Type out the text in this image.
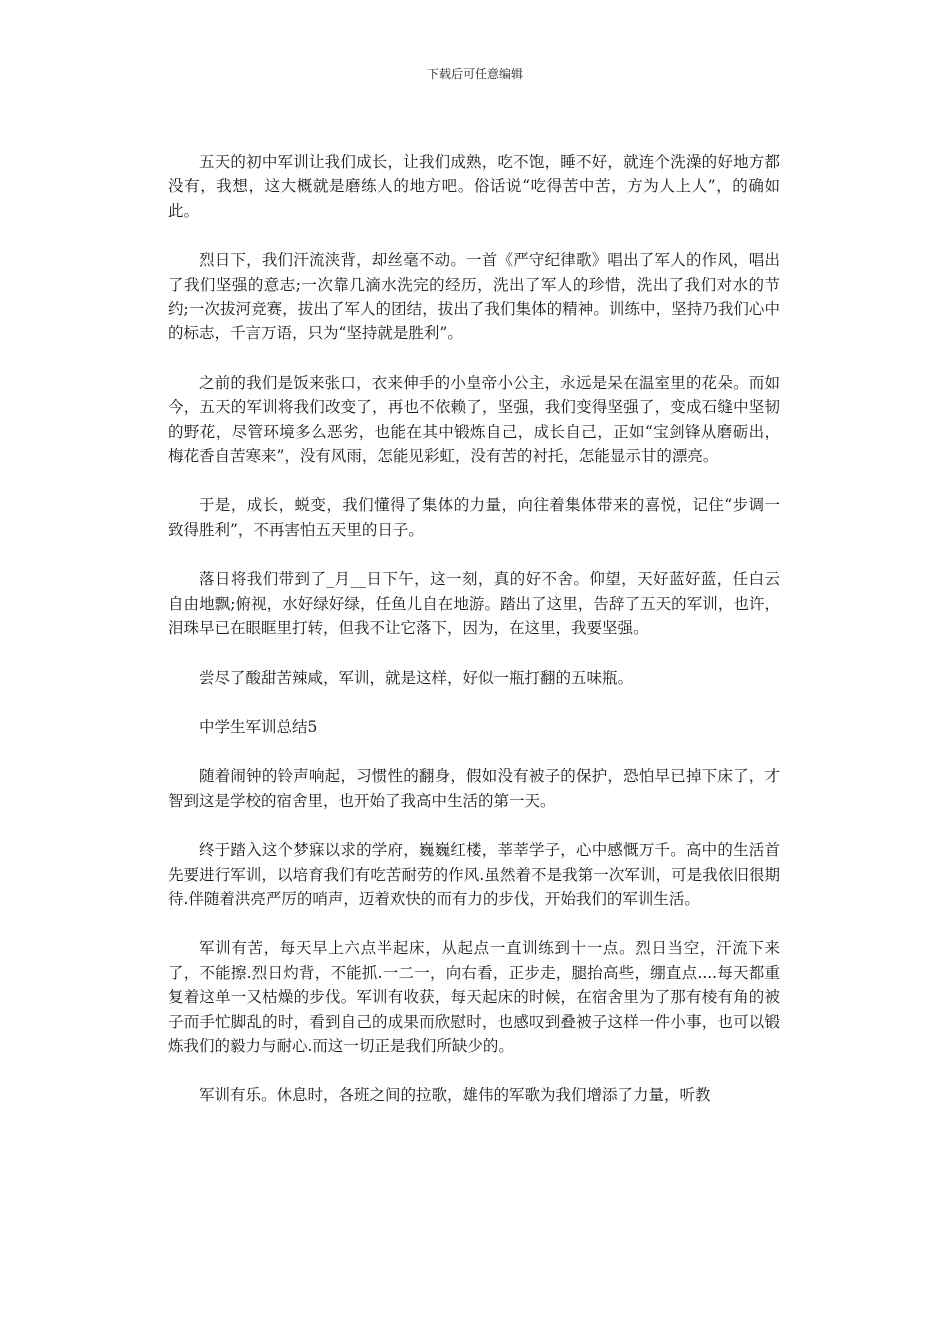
下载后可任意编辑

五天的初中军训让我们成长，让我们成熟，吃不饱，睡不好，就连个洗澡的好地方都没有，我想，这大概就是磨练人的地方吧。俗话说“吃得苦中苦，方为人上人”，的确如此。

烈日下，我们汗流浃背，却丝毫不动。一首《严守纪律歌》唱出了军人的作风，唱出了我们坚强的意志;一次靠几滴水洗完的经历，洗出了军人的珍惜，洗出了我们对水的节约;一次拔河竞赛，拔出了军人的团结，拔出了我们集体的精神。训练中，坚持乃我们心中的标志，千言万语，只为“坚持就是胜利”。

之前的我们是饭来张口，衣来伸手的小皇帝小公主，永远是呆在温室里的花朵。而如今，五天的军训将我们改变了，再也不依赖了，坚强，我们变得坚强了，变成石缝中坚韧的野花，尽管环境多么恶劣，也能在其中锻炼自己，成长自己，正如“宝剑锋从磨砺出，梅花香自苦寒来”，没有风雨，怎能见彩虹，没有苦的衬托，怎能显示甘的漂亮。

于是，成长，蜕变，我们懂得了集体的力量，向往着集体带来的喜悦，记住“步调一致得胜利”，不再害怕五天里的日子。

落日将我们带到了_月__日下午，这一刻，真的好不舍。仰望，天好蓝好蓝，任白云自由地飘;俯视，水好绿好绿，任鱼儿自在地游。踏出了这里，告辞了五天的军训，也许，泪珠早已在眼眶里打转，但我不让它落下，因为，在这里，我要坚强。

尝尽了酸甜苦辣咸，军训，就是这样，好似一瓶打翻的五味瓶。

中学生军训总结5

随着闹钟的铃声响起，习惯性的翻身，假如没有被子的保护，恐怕早已掉下床了，才智到这是学校的宿舍里，也开始了我高中生活的第一天。

终于踏入这个梦寐以求的学府，巍巍红楼，莘莘学子，心中感慨万千。高中的生活首先要进行军训，以培育我们有吃苦耐劳的作风.虽然着不是我第一次军训，可是我依旧很期待.伴随着洪亮严厉的哨声，迈着欢快的而有力的步伐，开始我们的军训生活。

军训有苦，每天早上六点半起床，从起点一直训练到十一点。烈日当空，汗流下来了，不能擦.烈日灼背，不能抓.一二一，向右看，正步走，腿抬高些，绷直点....每天都重复着这单一又枯燥的步伐。军训有收获，每天起床的时候，在宿舍里为了那有棱有角的被子而手忙脚乱的时，看到自己的成果而欣慰时，也感叹到叠被子这样一件小事，也可以锻炼我们的毅力与耐心.而这一切正是我们所缺少的。

军训有乐。休息时，各班之间的拉歌，雄伟的军歌为我们增添了力量，听教
